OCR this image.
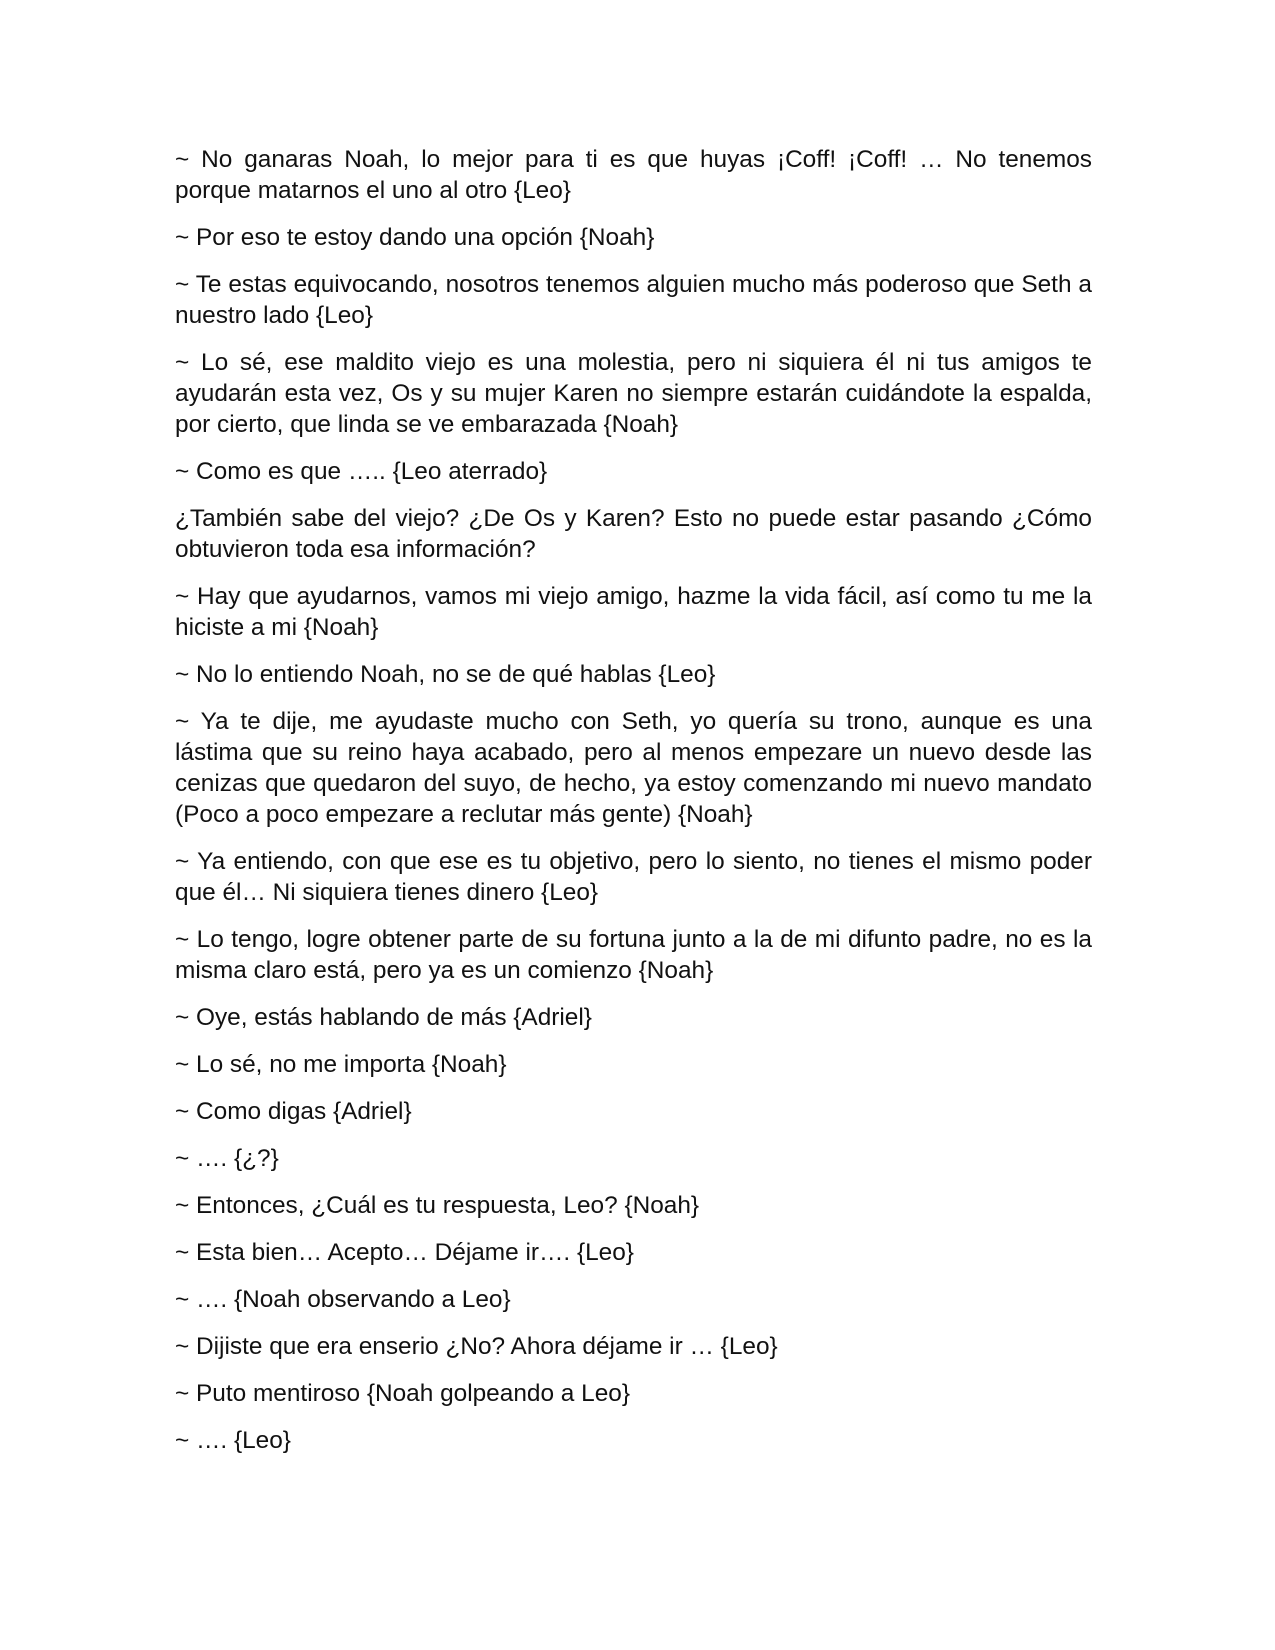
~ No ganaras Noah, lo mejor para ti es que huyas ¡Coff! ¡Coff! … No tenemos porque matarnos el uno al otro {Leo}

~ Por eso te estoy dando una opción {Noah}

~ Te estas equivocando, nosotros tenemos alguien mucho más poderoso que Seth a nuestro lado {Leo}

~ Lo sé, ese maldito viejo es una molestia, pero ni siquiera él ni tus amigos te ayudarán esta vez, Os y su mujer Karen no siempre estarán cuidándote la espalda, por cierto, que linda se ve embarazada {Noah}

~ Como es que ….. {Leo aterrado}

¿También sabe del viejo? ¿De Os y Karen? Esto no puede estar pasando ¿Cómo obtuvieron toda esa información?

~ Hay que ayudarnos, vamos mi viejo amigo, hazme la vida fácil, así como tu me la hiciste a mi {Noah}

~ No lo entiendo Noah, no se de qué hablas {Leo}

~ Ya te dije, me ayudaste mucho con Seth, yo quería su trono, aunque es una lástima que su reino haya acabado, pero al menos empezare un nuevo desde las cenizas que quedaron del suyo, de hecho, ya estoy comenzando mi nuevo mandato (Poco a poco empezare a reclutar más gente) {Noah}

~ Ya entiendo, con que ese es tu objetivo, pero lo siento, no tienes el mismo poder que él… Ni siquiera tienes dinero {Leo}

~ Lo tengo, logre obtener parte de su fortuna junto a la de mi difunto padre, no es la misma claro está, pero ya es un comienzo {Noah}

~ Oye, estás hablando de más {Adriel}

~ Lo sé, no me importa {Noah}

~ Como digas {Adriel}

~ …. {¿?}

~ Entonces, ¿Cuál es tu respuesta, Leo? {Noah}

~ Esta bien… Acepto… Déjame ir…. {Leo}

~ …. {Noah observando a Leo}

~ Dijiste que era enserio ¿No? Ahora déjame ir … {Leo}

~ Puto mentiroso {Noah golpeando a Leo}

~ …. {Leo}
